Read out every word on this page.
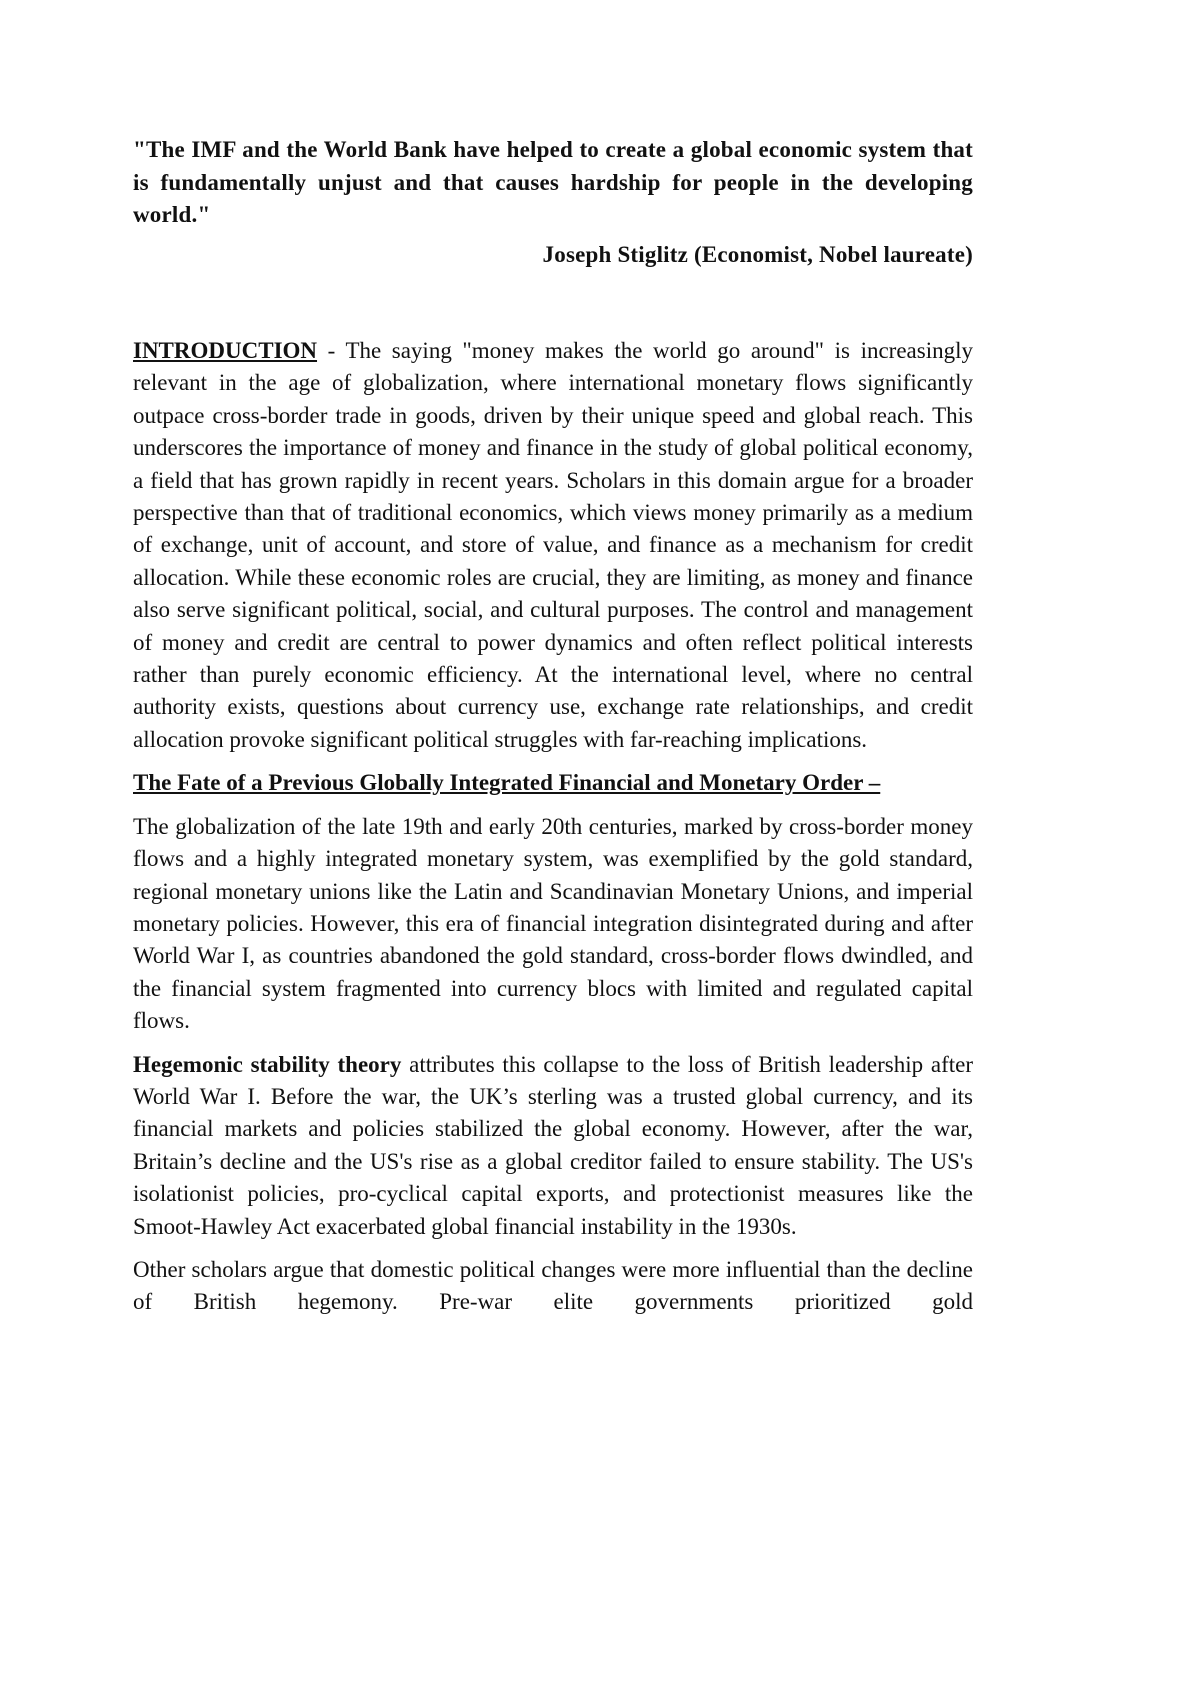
"The IMF and the World Bank have helped to create a global economic system that is fundamentally unjust and that causes hardship for people in the developing world."

Joseph Stiglitz (Economist, Nobel laureate)

INTRODUCTION - The saying "money makes the world go around" is increasingly relevant in the age of globalization, where international monetary flows significantly outpace cross-border trade in goods, driven by their unique speed and global reach. This underscores the importance of money and finance in the study of global political economy, a field that has grown rapidly in recent years. Scholars in this domain argue for a broader perspective than that of traditional economics, which views money primarily as a medium of exchange, unit of account, and store of value, and finance as a mechanism for credit allocation. While these economic roles are crucial, they are limiting, as money and finance also serve significant political, social, and cultural purposes. The control and management of money and credit are central to power dynamics and often reflect political interests rather than purely economic efficiency. At the international level, where no central authority exists, questions about currency use, exchange rate relationships, and credit allocation provoke significant political struggles with far-reaching implications.

The Fate of a Previous Globally Integrated Financial and Monetary Order –

The globalization of the late 19th and early 20th centuries, marked by cross-border money flows and a highly integrated monetary system, was exemplified by the gold standard, regional monetary unions like the Latin and Scandinavian Monetary Unions, and imperial monetary policies. However, this era of financial integration disintegrated during and after World War I, as countries abandoned the gold standard, cross-border flows dwindled, and the financial system fragmented into currency blocs with limited and regulated capital flows.

Hegemonic stability theory attributes this collapse to the loss of British leadership after World War I. Before the war, the UK’s sterling was a trusted global currency, and its financial markets and policies stabilized the global economy. However, after the war, Britain’s decline and the US's rise as a global creditor failed to ensure stability. The US's isolationist policies, pro-cyclical capital exports, and protectionist measures like the Smoot-Hawley Act exacerbated global financial instability in the 1930s.

Other scholars argue that domestic political changes were more influential than the decline of British hegemony. Pre-war elite governments prioritized gold
